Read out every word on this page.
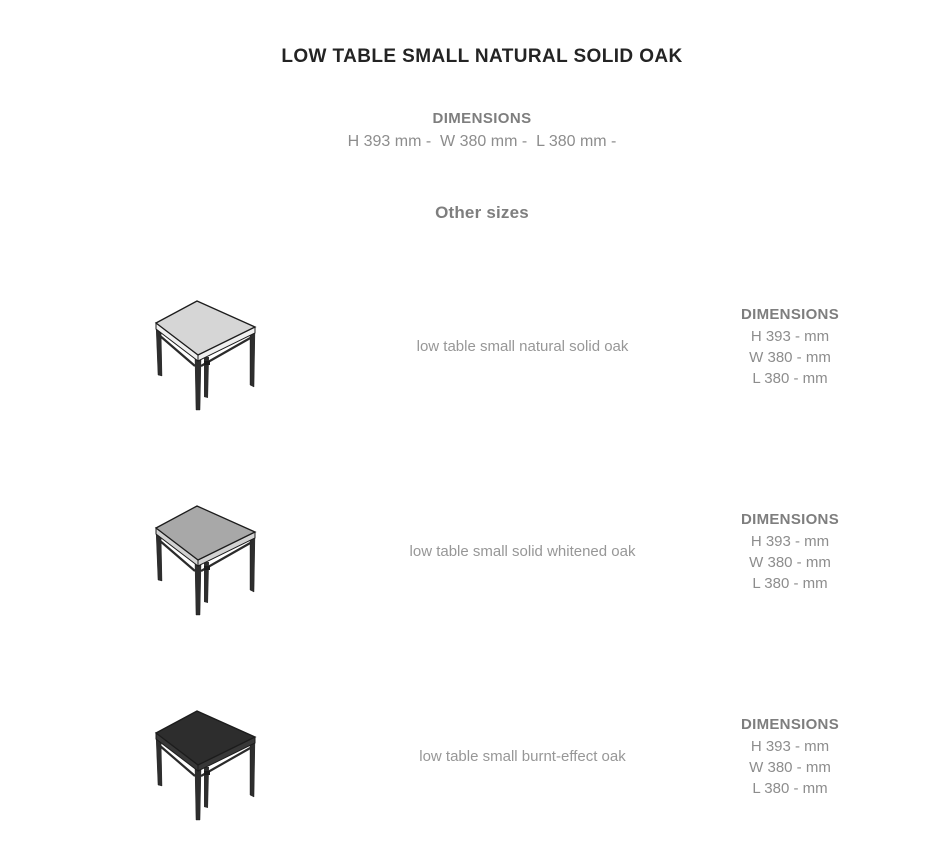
LOW TABLE SMALL NATURAL SOLID OAK
DIMENSIONS
H 393 mm -  W 380 mm -  L 380 mm -
Other sizes
low table small natural solid oak
DIMENSIONS
H 393 - mm
W 380 - mm
L 380 - mm
low table small solid whitened oak
DIMENSIONS
H 393 - mm
W 380 - mm
L 380 - mm
low table small burnt-effect oak
DIMENSIONS
H 393 - mm
W 380 - mm
L 380 - mm
